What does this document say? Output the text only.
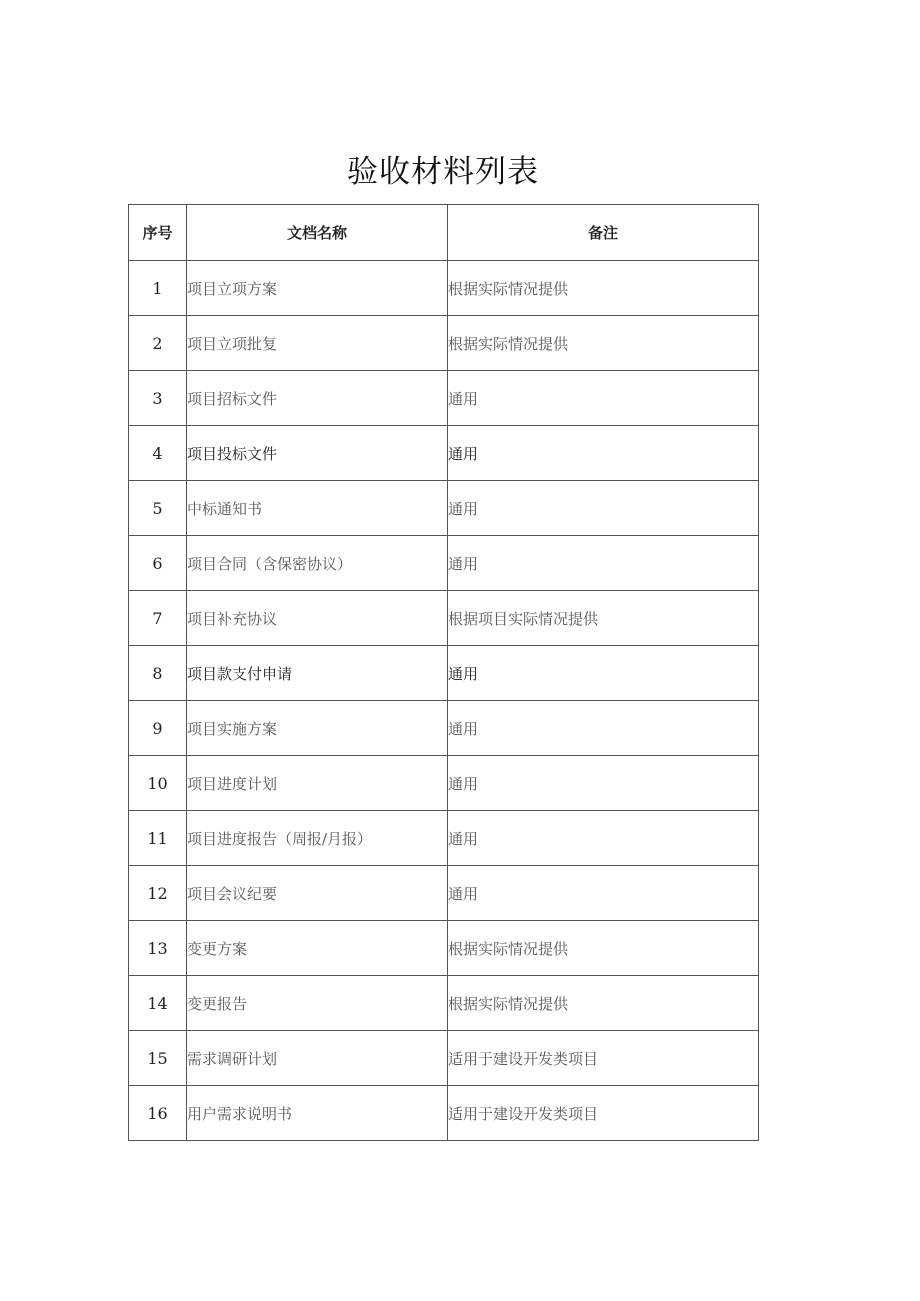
验收材料列表
序号	文档名称	备注
1	项目立项方案	根据实际情况提供
2	项目立项批复	根据实际情况提供
3	项目招标文件	通用
4	项目投标文件	通用
5	中标通知书	通用
6	项目合同（含保密协议）	通用
7	项目补充协议	根据项目实际情况提供
8	项目款支付申请	通用
9	项目实施方案	通用
10	项目进度计划	通用
11	项目进度报告（周报/月报）	通用
12	项目会议纪要	通用
13	变更方案	根据实际情况提供
14	变更报告	根据实际情况提供
15	需求调研计划	适用于建设开发类项目
16	用户需求说明书	适用于建设开发类项目
